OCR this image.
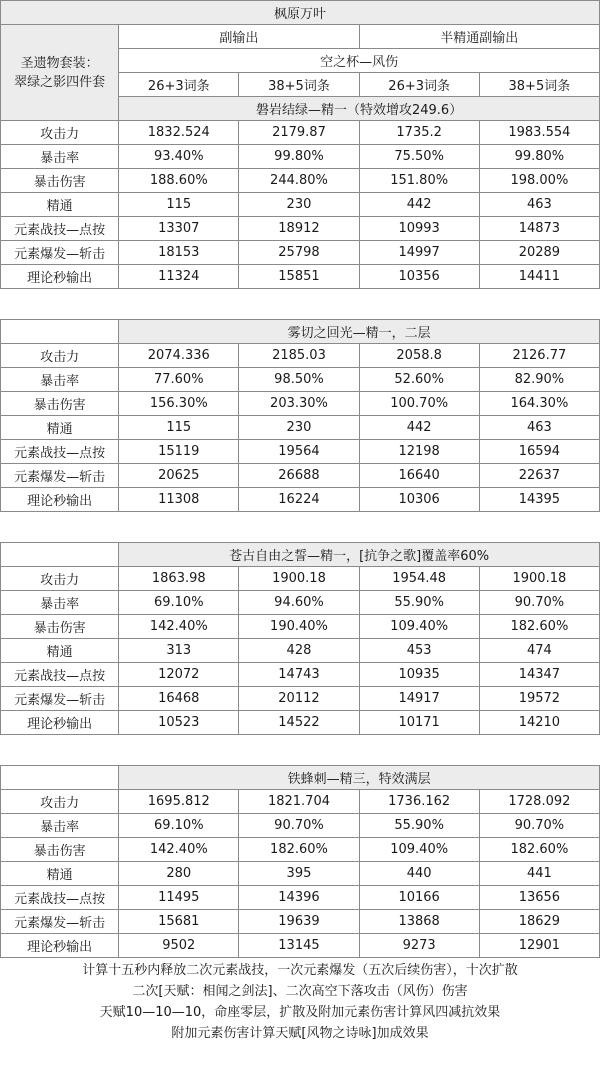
枫原万叶				
圣遗物套装：
翠绿之影四件套	副输出		半精通副输出	
	空之杯—风伤			
	26+3词条	38+5词条	26+3词条	38+5词条
	磐岩结绿—精一（特效增攻249.6）			
攻击力	1832.524	2179.87	1735.2	1983.554
暴击率	93.40%	99.80%	75.50%	99.80%
暴击伤害	188.60%	244.80%	151.80%	198.00%
精通	115	230	442	463
元素战技—点按	13307	18912	10993	14873
元素爆发—斩击	18153	25798	14997	20289
理论秒输出	11324	15851	10356	14411

	雾切之回光—精一，二层			
攻击力	2074.336	2185.03	2058.8	2126.77
暴击率	77.60%	98.50%	52.60%	82.90%
暴击伤害	156.30%	203.30%	100.70%	164.30%
精通	115	230	442	463
元素战技—点按	15119	19564	12198	16594
元素爆发—斩击	20625	26688	16640	22637
理论秒输出	11308	16224	10306	14395

	苍古自由之誓—精一，[抗争之歌]覆盖率60%			
攻击力	1863.98	1900.18	1954.48	1900.18
暴击率	69.10%	94.60%	55.90%	90.70%
暴击伤害	142.40%	190.40%	109.40%	182.60%
精通	313	428	453	474
元素战技—点按	12072	14743	10935	14347
元素爆发—斩击	16468	20112	14917	19572
理论秒输出	10523	14522	10171	14210

	铁蜂刺—精三，特效满层			
攻击力	1695.812	1821.704	1736.162	1728.092
暴击率	69.10%	90.70%	55.90%	90.70%
暴击伤害	142.40%	182.60%	109.40%	182.60%
精通	280	395	440	441
元素战技—点按	11495	14396	10166	13656
元素爆发—斩击	15681	19639	13868	18629
理论秒输出	9502	13145	9273	12901
计算十五秒内释放二次元素战技，一次元素爆发（五次后续伤害），十次扩散
二次[天赋：相闻之剑法]、二次高空下落攻击（风伤）伤害
天赋10—10—10，命座零层，扩散及附加元素伤害计算风四减抗效果
附加元素伤害计算天赋[风物之诗咏]加成效果
